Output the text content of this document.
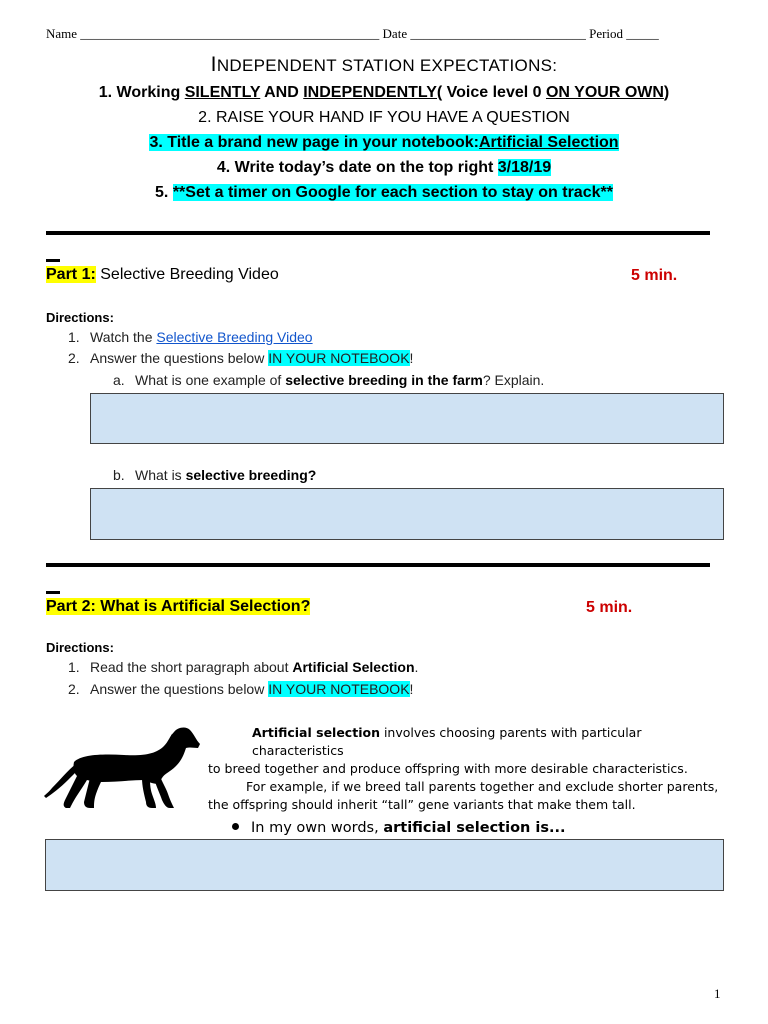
Name ______________________________________________ Date ___________________________ Period _____
INDEPENDENT STATION EXPECTATIONS:
1. Working SILENTLY AND INDEPENDENTLY( Voice level 0 ON YOUR OWN)
2. RAISE YOUR HAND IF YOU HAVE A QUESTION
3. Title a brand new page in your notebook:Artificial Selection
4. Write today’s date on the top right 3/18/19
5. **Set a timer on Google for each section to stay on track**
Part 1: Selective Breeding Video	5 min.
Directions:
1. Watch the Selective Breeding Video
2. Answer the questions below IN YOUR NOTEBOOK!
a. What is one example of selective breeding in the farm? Explain.
b. What is selective breeding?
Part 2: What is Artificial Selection?	5 min.
Directions:
1. Read the short paragraph about Artificial Selection.
2. Answer the questions below IN YOUR NOTEBOOK!

Artificial selection involves choosing parents with particular characteristics

to breed together and produce offspring with more desirable characteristics.

For example, if we breed tall parents together and exclude shorter parents,

the offspring should inherit “tall” gene variants that make them tall.

In my own words, artificial selection is...
1
